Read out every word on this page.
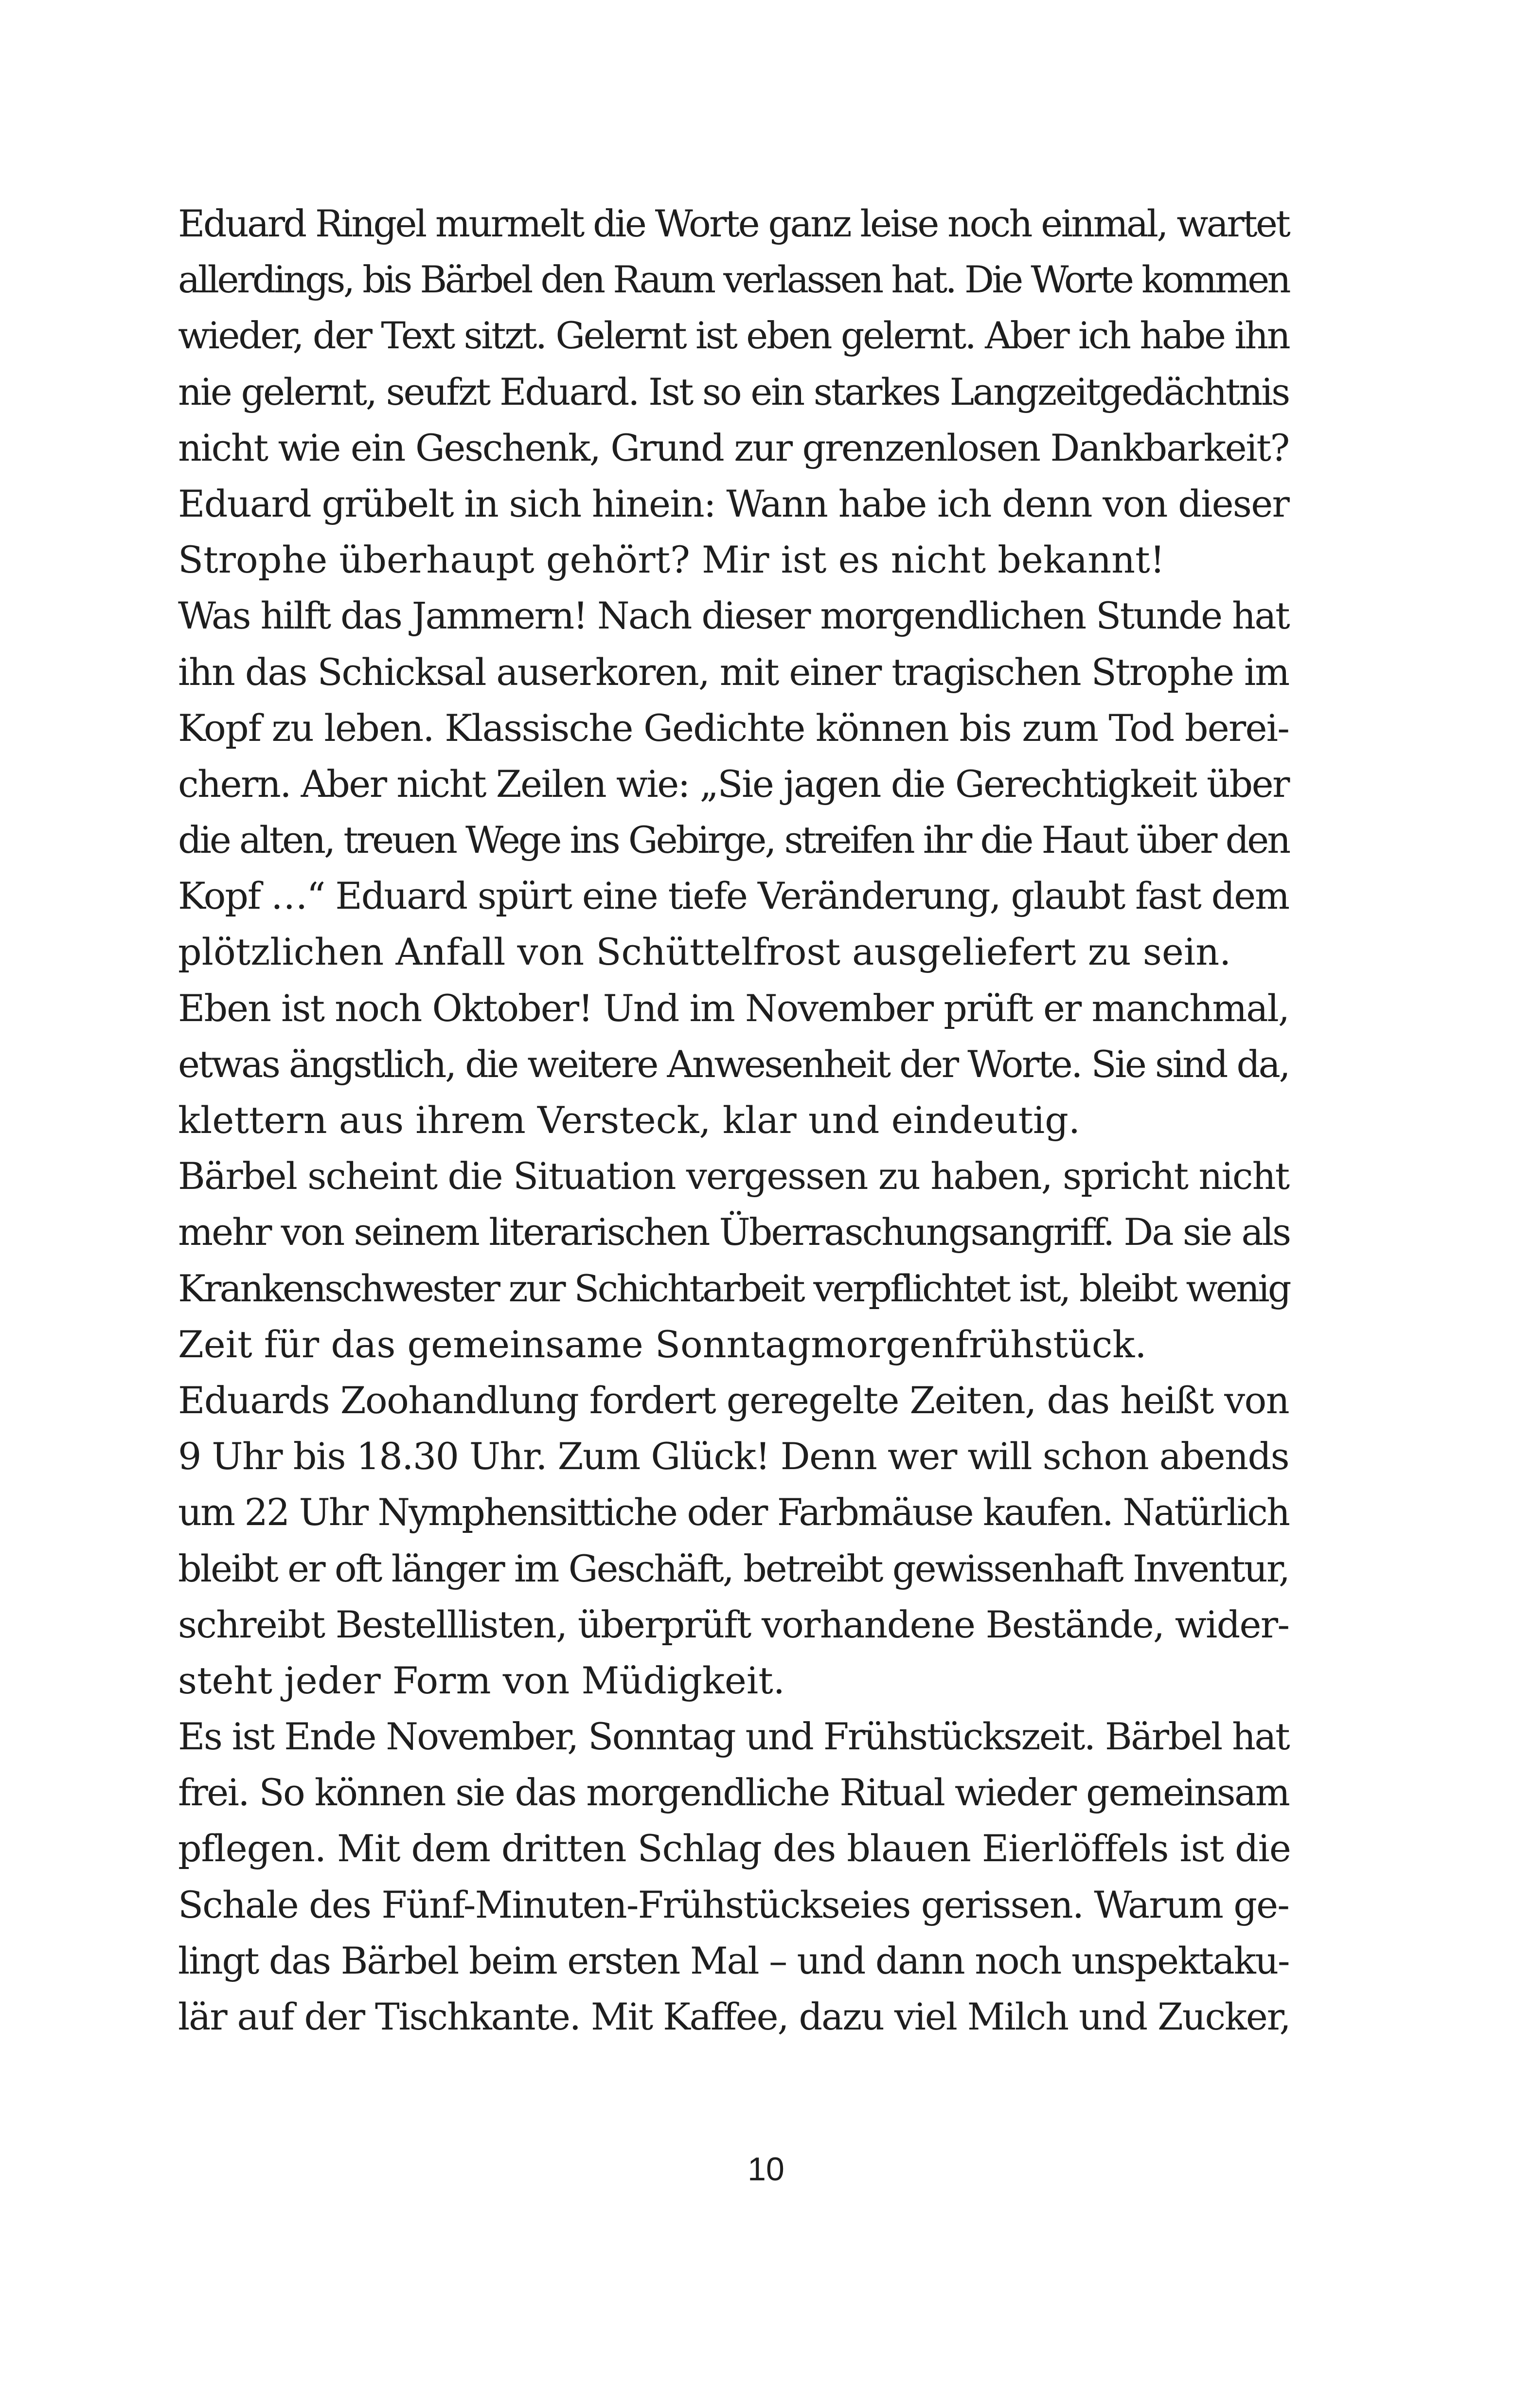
Eduard Ringel murmelt die Worte ganz leise noch einmal, wartet
allerdings, bis Bärbel den Raum verlassen hat. Die Worte kommen
wieder, der Text sitzt. Gelernt ist eben gelernt. Aber ich habe ihn
nie gelernt, seufzt Eduard. Ist so ein starkes Langzeitgedächtnis
nicht wie ein Geschenk, Grund zur grenzenlosen Dankbarkeit?
Eduard grübelt in sich hinein: Wann habe ich denn von dieser
Strophe überhaupt gehört? Mir ist es nicht bekannt!
Was hilft das Jammern! Nach dieser morgendlichen Stunde hat
ihn das Schicksal auserkoren, mit einer tragischen Strophe im
Kopf zu leben. Klassische Gedichte können bis zum Tod berei-
chern. Aber nicht Zeilen wie: „Sie jagen die Gerechtigkeit über
die alten, treuen Wege ins Gebirge, streifen ihr die Haut über den
Kopf …“ Eduard spürt eine tiefe Veränderung, glaubt fast dem
plötzlichen Anfall von Schüttelfrost ausgeliefert zu sein.
Eben ist noch Oktober! Und im November prüft er manchmal,
etwas ängstlich, die weitere Anwesenheit der Worte. Sie sind da,
klettern aus ihrem Versteck, klar und eindeutig.
Bärbel scheint die Situation vergessen zu haben, spricht nicht
mehr von seinem literarischen Überraschungsangriff. Da sie als
Krankenschwester zur Schichtarbeit verpflichtet ist, bleibt wenig
Zeit für das gemeinsame Sonntagmorgenfrühstück.
Eduards Zoohandlung fordert geregelte Zeiten, das heißt von
9 Uhr bis 18.30 Uhr. Zum Glück! Denn wer will schon abends
um 22 Uhr Nymphensittiche oder Farbmäuse kaufen. Natürlich
bleibt er oft länger im Geschäft, betreibt gewissenhaft Inventur,
schreibt Bestelllisten, überprüft vorhandene Bestände, wider-
steht jeder Form von Müdigkeit.
Es ist Ende November, Sonntag und Frühstückszeit. Bärbel hat
frei. So können sie das morgendliche Ritual wieder gemeinsam
pflegen. Mit dem dritten Schlag des blauen Eierlöffels ist die
Schale des Fünf-Minuten-Frühstückseies gerissen. Warum ge-
lingt das Bärbel beim ersten Mal – und dann noch unspektaku-
lär auf der Tischkante. Mit Kaffee, dazu viel Milch und Zucker,
10
